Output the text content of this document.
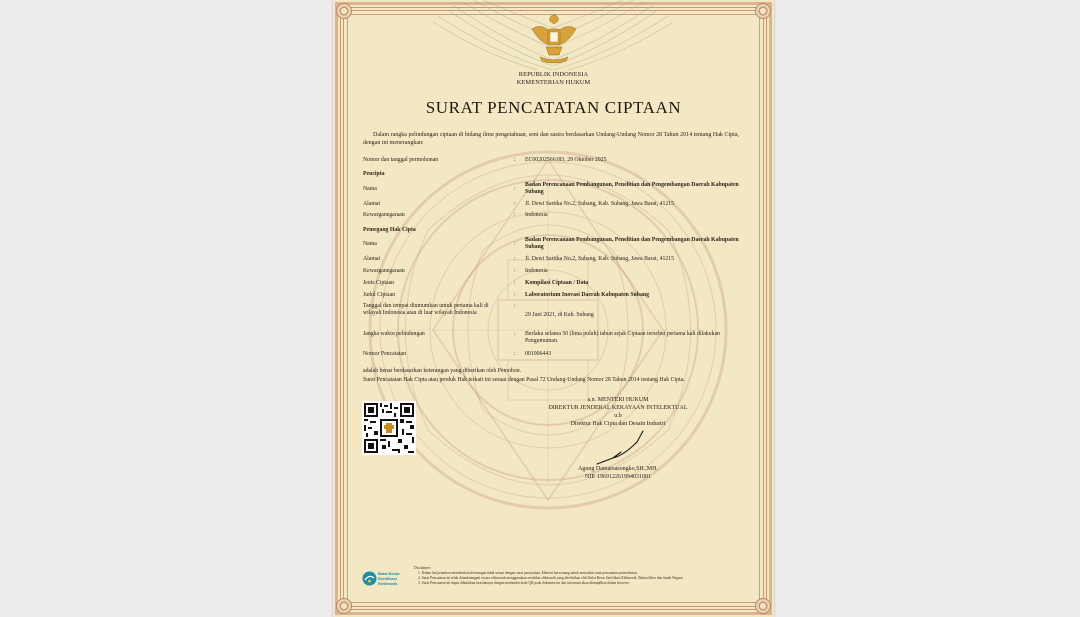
REPUBLIK INDONESIA
KEMENTERIAN HUKUM
SURAT PENCATATAN CIPTAAN
Dalam rangka pelindungan ciptaan di bidang ilmu pengetahuan, seni dan sastra berdasarkan Undang-Undang Nomor 28 Tahun 2014 tentang Hak Cipta, dengan ini menerangkan:
Nomor dan tanggal permohonan	:	EC00202566183, 29 Oktober 2025
Pencipta
Nama	:
Badan Perencanaan Pembangunan, Penelitian dan Pengembangan Daerah Kabupaten Subang
Alamat	:	Jl. Dewi Sartika No.2, Subang, Kab. Subang, Jawa Barat, 41215
Kewarganegaraan	:	Indonesia
Pemegang Hak Cipta
Nama	:
Badan Perencanaan Pembangunan, Penelitian dan Pengembangan Daerah Kabupaten Subang
Alamat	:	Jl. Dewi Sartika No.2, Subang, Kab. Subang, Jawa Barat, 41215
Kewarganegaraan	:	Indonesia
Jenis Ciptaan	:	Kompilasi Ciptaan / Data
Judul Ciptaan	:	Laboratorium Inovasi Daerah Kabupaten Subang
Tanggal dan tempat diumumkan untuk pertama kali di wilayah Indonesia atau di luar wilayah Indonesia
:
29 Juni 2021, di Kab. Subang
Jangka waktu pelindungan	:	Berlaku selama 50 (lima puluh) tahun sejak Ciptaan tersebut pertama kali dilakukan Pengumuman.
Nomor Pencatatan	:	001006443
adalah benar berdasarkan keterangan yang diberikan oleh Pemohon.
Surat Pencatatan Hak Cipta atau produk Hak terkait ini sesuai dengan Pasal 72 Undang-Undang Nomor 28 Tahun 2014 tentang Hak Cipta.
a.n. MENTERI HUKUM
DIREKTUR JENDERAL KEKAYAAN INTELEKTUAL
u.b
Direktur Hak Cipta dan Desain Industri
Agung Damarsasongko,SH.,MH.
NIP. 196912261994031001
Balai Besar
Sertifikasi
Elektronik
Disclaimer:
1. Dalam hal pemohon memberikan keterangan tidak sesuai dengan surat pernyataan, Menteri berwenang untuk mencabut surat pencatatan permohonan.
2. Surat Pencatatan ini telah ditandatangani secara elektronik menggunakan sertifikat elektronik yang diterbitkan oleh Balai Besar Sertifikasi Elektronik, Badan Siber dan Sandi Negara.
3. Surat Pencatatan ini dapat dibuktikan keasliannya dengan memindai kode QR pada dokumen ini dan informasi akan ditampilkan dalam browser.
